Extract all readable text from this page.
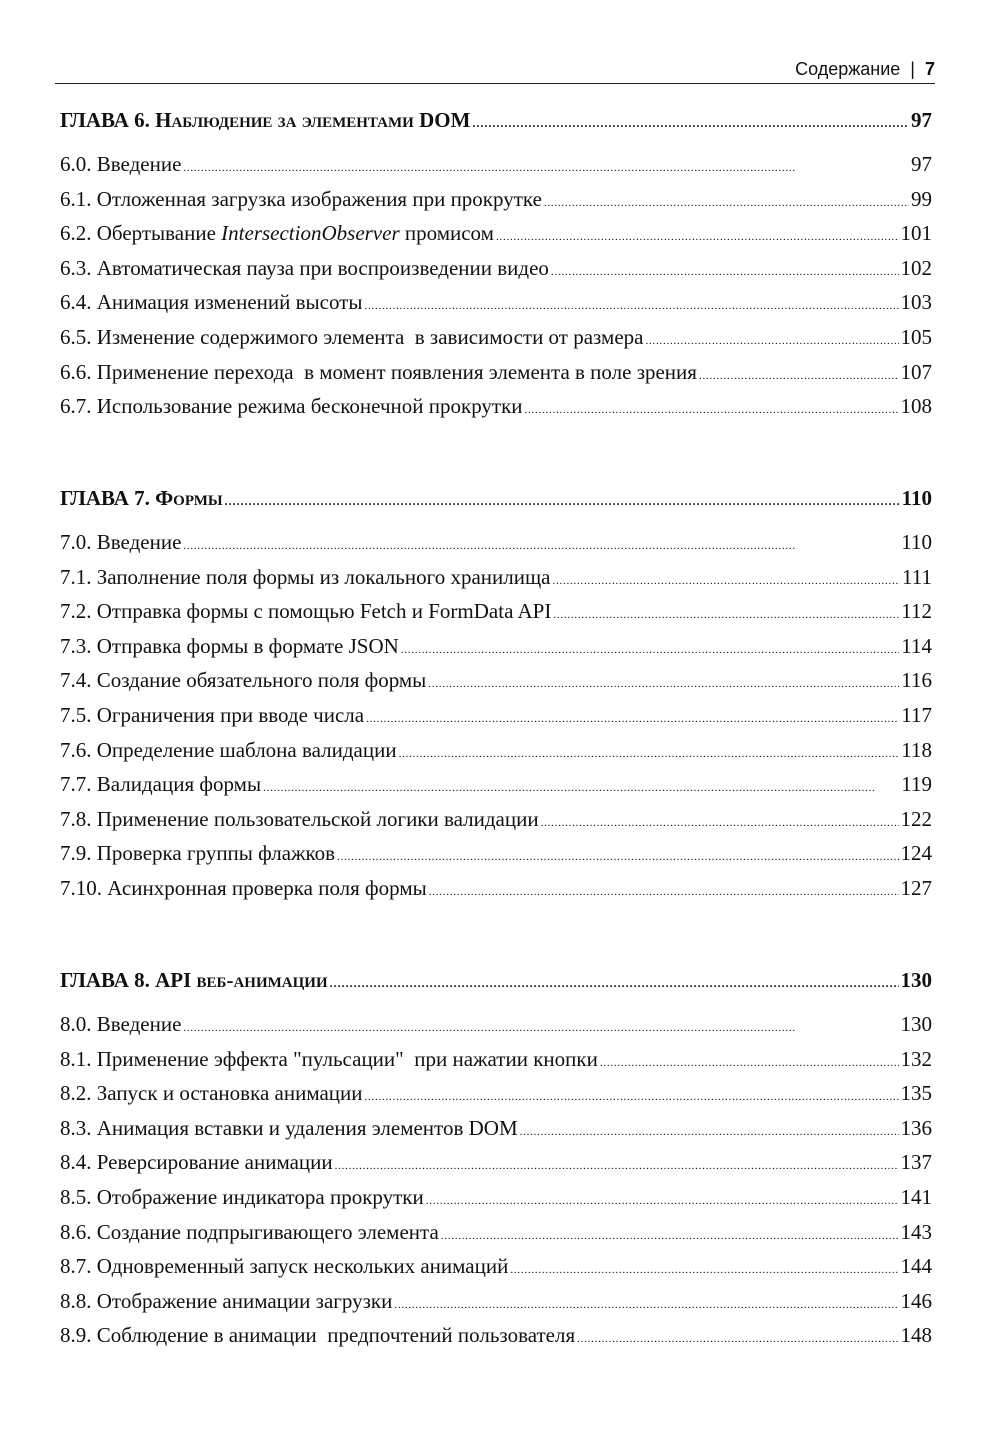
Содержание | 7
ГЛАВА 6. Наблюдение за элементами DOM . . .	97
6.0. Введение . . .	97
6.1. Отложенная загрузка изображения при прокрутке . . .	99
6.2. Обертывание IntersectionObserver промисом . . .	101
6.3. Автоматическая пауза при воспроизведении видео . . .	102
6.4. Анимация изменений высоты . . .	103
6.5. Изменение содержимого элемента  в зависимости от размера . . .	105
6.6. Применение перехода  в момент появления элемента в поле зрения . . .	107
6.7. Использование режима бесконечной прокрутки . . .	108
ГЛАВА 7. Формы . . .	110
7.0. Введение . . .	110
7.1. Заполнение поля формы из локального хранилища . . .	111
7.2. Отправка формы с помощью Fetch и FormData API . . .	112
7.3. Отправка формы в формате JSON . . .	114
7.4. Создание обязательного поля формы . . .	116
7.5. Ограничения при вводе числа . . .	117
7.6. Определение шаблона валидации . . .	118
7.7. Валидация формы . . .	119
7.8. Применение пользовательской логики валидации . . .	122
7.9. Проверка группы флажков . . .	124
7.10. Асинхронная проверка поля формы . . .	127
ГЛАВА 8. API веб-анимации . . .	130
8.0. Введение . . .	130
8.1. Применение эффекта "пульсации"  при нажатии кнопки . . .	132
8.2. Запуск и остановка анимации . . .	135
8.3. Анимация вставки и удаления элементов DOM . . .	136
8.4. Реверсирование анимации . . .	137
8.5. Отображение индикатора прокрутки . . .	141
8.6. Создание подпрыгивающего элемента . . .	143
8.7. Одновременный запуск нескольких анимаций . . .	144
8.8. Отображение анимации загрузки . . .	146
8.9. Соблюдение в анимации  предпочтений пользователя . . .	148
